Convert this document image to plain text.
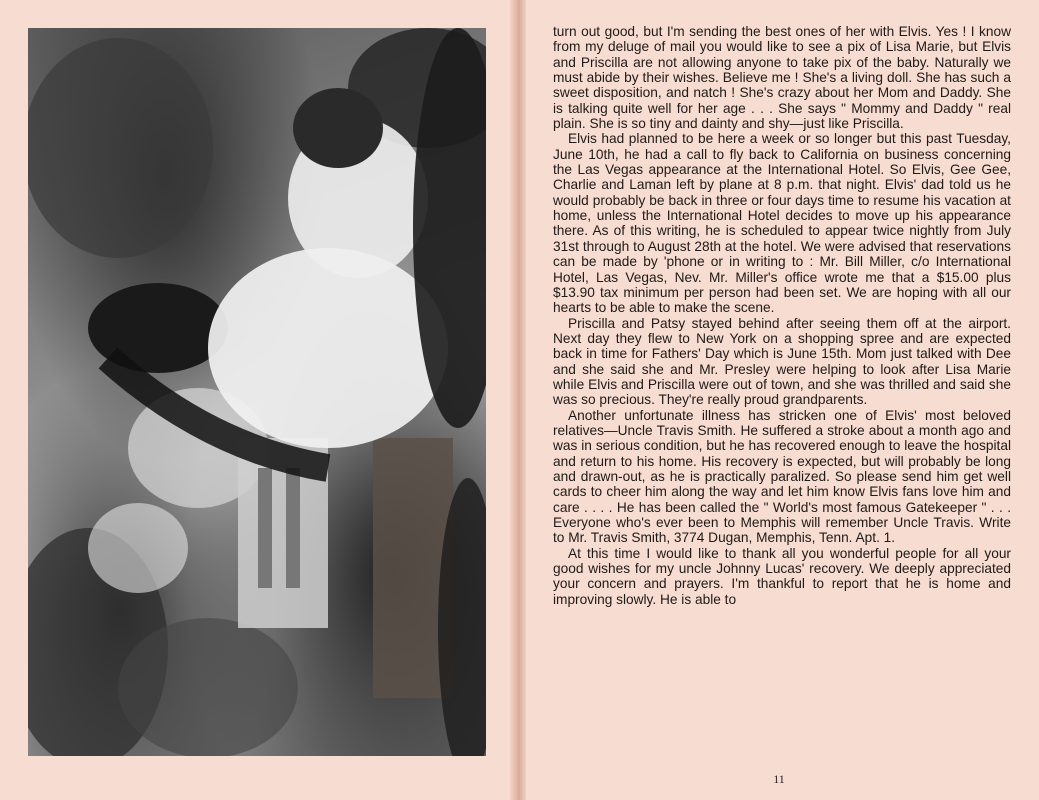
turn out good, but I'm sending the best ones of her with Elvis. Yes ! I know from my deluge of mail you would like to see a pix of Lisa Marie, but Elvis and Priscilla are not allowing anyone to take pix of the baby. Naturally we must abide by their wishes. Believe me ! She's a living doll. She has such a sweet disposition, and natch ! She's crazy about her Mom and Daddy. She is talking quite well for her age . . . She says " Mommy and Daddy " real plain. She is so tiny and dainty and shy—just like Priscilla.

Elvis had planned to be here a week or so longer but this past Tuesday, June 10th, he had a call to fly back to California on business concerning the Las Vegas appearance at the International Hotel. So Elvis, Gee Gee, Charlie and Laman left by plane at 8 p.m. that night. Elvis' dad told us he would probably be back in three or four days time to resume his vacation at home, unless the International Hotel decides to move up his appearance there. As of this writing, he is scheduled to appear twice nightly from July 31st through to August 28th at the hotel. We were advised that reservations can be made by 'phone or in writing to : Mr. Bill Miller, c/o International Hotel, Las Vegas, Nev. Mr. Miller's office wrote me that a $15.00 plus $13.90 tax minimum per person had been set. We are hoping with all our hearts to be able to make the scene.

Priscilla and Patsy stayed behind after seeing them off at the airport. Next day they flew to New York on a shopping spree and are expected back in time for Fathers' Day which is June 15th. Mom just talked with Dee and she said she and Mr. Presley were helping to look after Lisa Marie while Elvis and Priscilla were out of town, and she was thrilled and said she was so precious. They're really proud grandparents.

Another unfortunate illness has stricken one of Elvis' most beloved relatives—Uncle Travis Smith. He suffered a stroke about a month ago and was in serious condition, but he has recovered enough to leave the hospital and return to his home. His recovery is expected, but will probably be long and drawn-out, as he is practically paralized. So please send him get well cards to cheer him along the way and let him know Elvis fans love him and care . . . . He has been called the " World's most famous Gatekeeper " . . . Everyone who's ever been to Memphis will remember Uncle Travis. Write to Mr. Travis Smith, 3774 Dugan, Memphis, Tenn. Apt. 1.

At this time I would like to thank all you wonderful people for all your good wishes for my uncle Johnny Lucas' recovery. We deeply appreciated your concern and prayers. I'm thankful to report that he is home and improving slowly. He is able to

11
